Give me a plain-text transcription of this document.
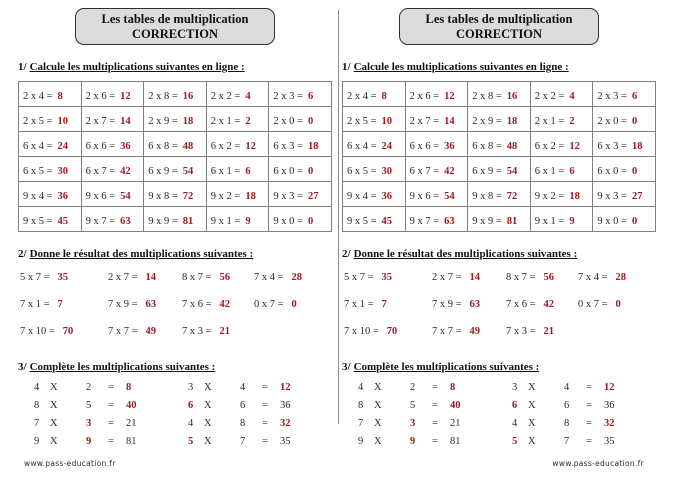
Les tables de multiplication
CORRECTION
1/ Calcule les multiplications suivantes en ligne :
2 x 4 = 8 2 x 6 = 12 2 x 8 = 16 2 x 2 = 4 2 x 3 = 6
2 x 5 = 10 2 x 7 = 14 2 x 9 = 18 2 x 1 = 2 2 x 0 = 0
6 x 4 = 24 6 x 6 = 36 6 x 8 = 48 6 x 2 = 12 6 x 3 = 18
6 x 5 = 30 6 x 7 = 42 6 x 9 = 54 6 x 1 = 6 6 x 0 = 0
9 x 4 = 36 9 x 6 = 54 9 x 8 = 72 9 x 2 = 18 9 x 3 = 27
9 x 5 = 45 9 x 7 = 63 9 x 9 = 81 9 x 1 = 9 9 x 0 = 0
2/ Donne le résultat des multiplications suivantes :
5 x 7 = 35	2 x 7 = 14 8 x 7 = 56 7 x 4 = 28
7 x 1 = 7	7 x 9 = 63 7 x 6 = 42 0 x 7 = 0
7 x 10 = 70	7 x 7 = 49 7 x 3 = 21
3/ Complète les multiplications suivantes :
4	X	2	=	8
8	X	5	=	40
7	X	3	=	21
9	X	9	=	81
3	X	4	=	12
6	X	6	=	36
4	X	8	=	32
5	X	7	=	35
www.pass-education.fr
Les tables de multiplication
CORRECTION
1/ Calcule les multiplications suivantes en ligne :
2 x 4 = 8 2 x 6 = 12 2 x 8 = 16 2 x 2 = 4 2 x 3 = 6
2 x 5 = 10 2 x 7 = 14 2 x 9 = 18 2 x 1 = 2 2 x 0 = 0
6 x 4 = 24 6 x 6 = 36 6 x 8 = 48 6 x 2 = 12 6 x 3 = 18
6 x 5 = 30 6 x 7 = 42 6 x 9 = 54 6 x 1 = 6 6 x 0 = 0
9 x 4 = 36 9 x 6 = 54 9 x 8 = 72 9 x 2 = 18 9 x 3 = 27
9 x 5 = 45 9 x 7 = 63 9 x 9 = 81 9 x 1 = 9 9 x 0 = 0
2/ Donne le résultat des multiplications suivantes :
5 x 7 = 35	2 x 7 = 14 8 x 7 = 56 7 x 4 = 28
7 x 1 = 7	7 x 9 = 63 7 x 6 = 42 0 x 7 = 0
7 x 10 = 70	7 x 7 = 49 7 x 3 = 21
3/ Complète les multiplications suivantes :
4	X	2	=	8
8	X	5	=	40
7	X	3	=	21
9	X	9	=	81
3	X	4	=	12
6	X	6	=	36
4	X	8	=	32
5	X	7	=	35
www.pass-education.fr
